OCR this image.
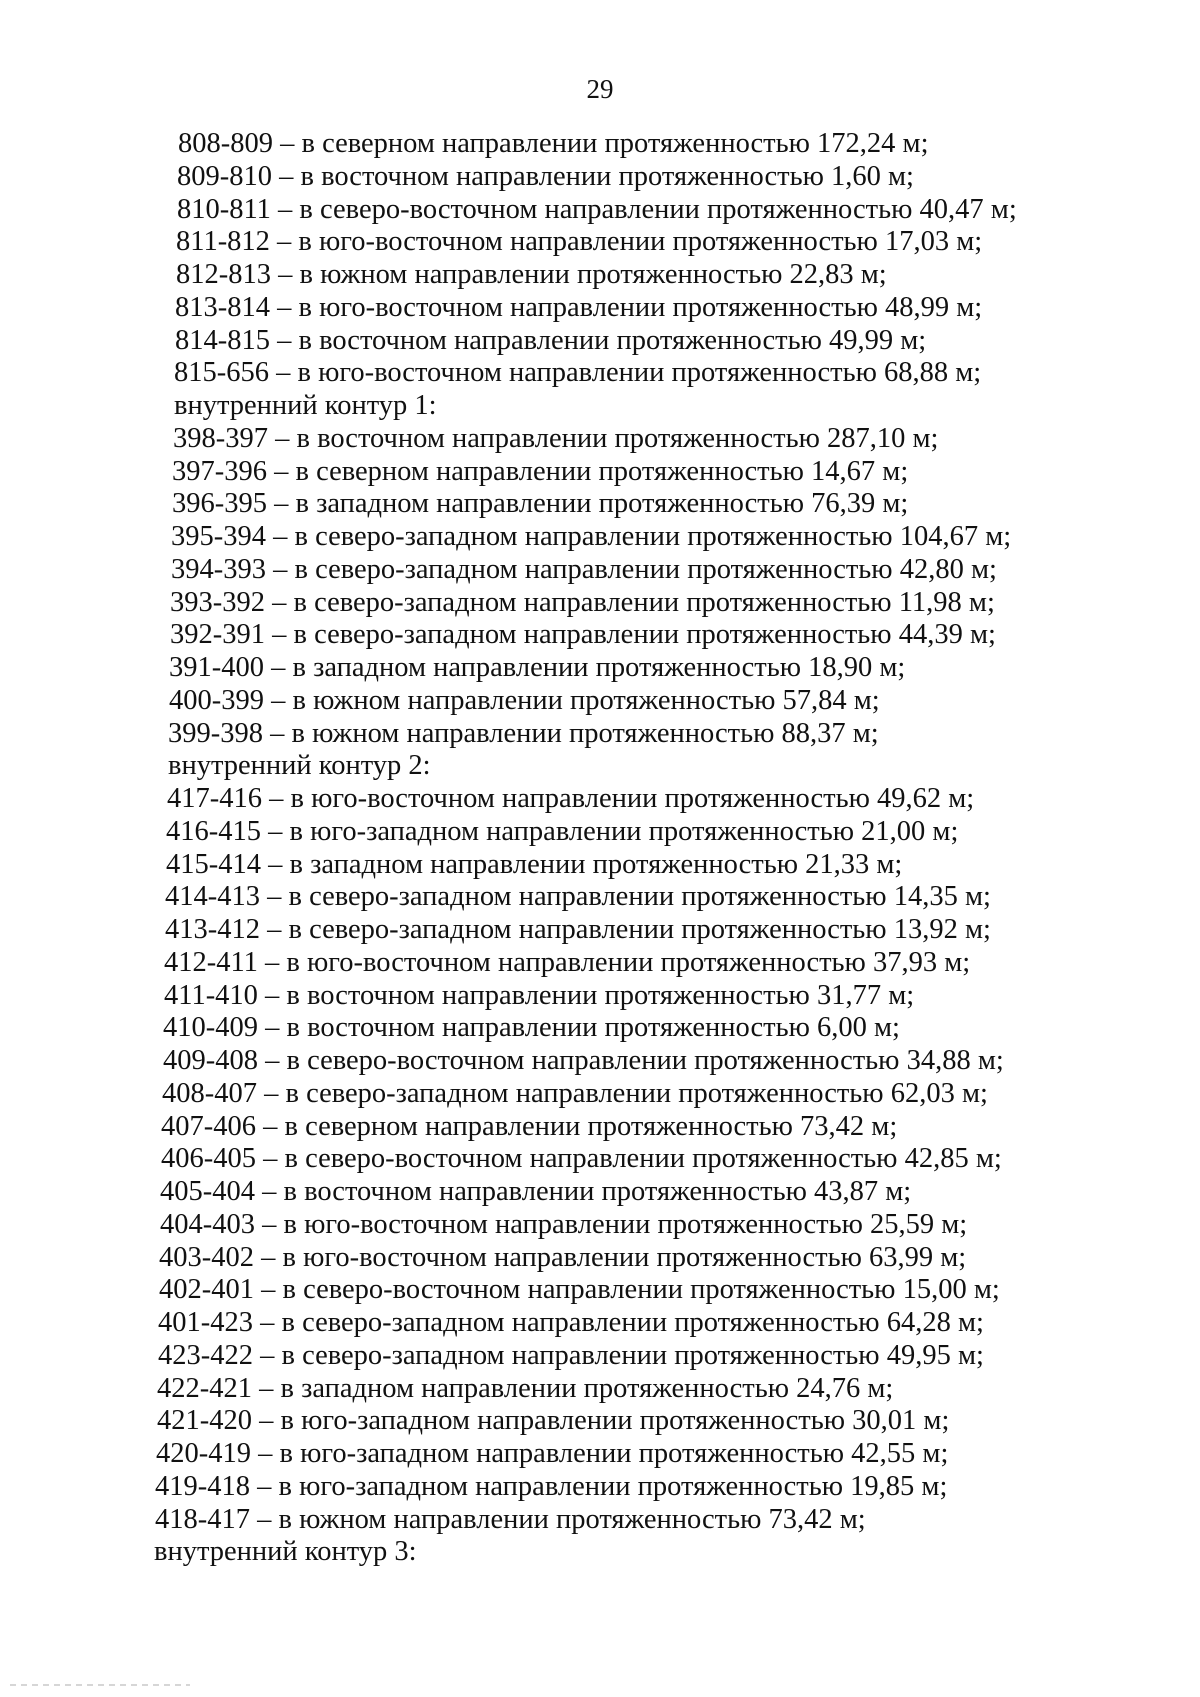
29
808-809 – в северном направлении протяженностью 172,24 м;
809-810 – в восточном направлении протяженностью 1,60 м;
810-811 – в северо-восточном направлении протяженностью 40,47 м;
811-812 – в юго-восточном направлении протяженностью 17,03 м;
812-813 – в южном направлении протяженностью 22,83 м;
813-814 – в юго-восточном направлении протяженностью 48,99 м;
814-815 – в восточном направлении протяженностью 49,99 м;
815-656 – в юго-восточном направлении протяженностью 68,88 м;
внутренний контур 1:
398-397 – в восточном направлении протяженностью 287,10 м;
397-396 – в северном направлении протяженностью 14,67 м;
396-395 – в западном направлении протяженностью 76,39 м;
395-394 – в северо-западном направлении протяженностью 104,67 м;
394-393 – в северо-западном направлении протяженностью 42,80 м;
393-392 – в северо-западном направлении протяженностью 11,98 м;
392-391 – в северо-западном направлении протяженностью 44,39 м;
391-400 – в западном направлении протяженностью 18,90 м;
400-399 – в южном направлении протяженностью 57,84 м;
399-398 – в южном направлении протяженностью 88,37 м;
внутренний контур 2:
417-416 – в юго-восточном направлении протяженностью 49,62 м;
416-415 – в юго-западном направлении протяженностью 21,00 м;
415-414 – в западном направлении протяженностью 21,33 м;
414-413 – в северо-западном направлении протяженностью 14,35 м;
413-412 – в северо-западном направлении протяженностью 13,92 м;
412-411 – в юго-восточном направлении протяженностью 37,93 м;
411-410 – в восточном направлении протяженностью 31,77 м;
410-409 – в восточном направлении протяженностью 6,00 м;
409-408 – в северо-восточном направлении протяженностью 34,88 м;
408-407 – в северо-западном направлении протяженностью 62,03 м;
407-406 – в северном направлении протяженностью 73,42 м;
406-405 – в северо-восточном направлении протяженностью 42,85 м;
405-404 – в восточном направлении протяженностью 43,87 м;
404-403 – в юго-восточном направлении протяженностью 25,59 м;
403-402 – в юго-восточном направлении протяженностью 63,99 м;
402-401 – в северо-восточном направлении протяженностью 15,00 м;
401-423 – в северо-западном направлении протяженностью 64,28 м;
423-422 – в северо-западном направлении протяженностью 49,95 м;
422-421 – в западном направлении протяженностью 24,76 м;
421-420 – в юго-западном направлении протяженностью 30,01 м;
420-419 – в юго-западном направлении протяженностью 42,55 м;
419-418 – в юго-западном направлении протяженностью 19,85 м;
418-417 – в южном направлении протяженностью 73,42 м;
внутренний контур 3:
